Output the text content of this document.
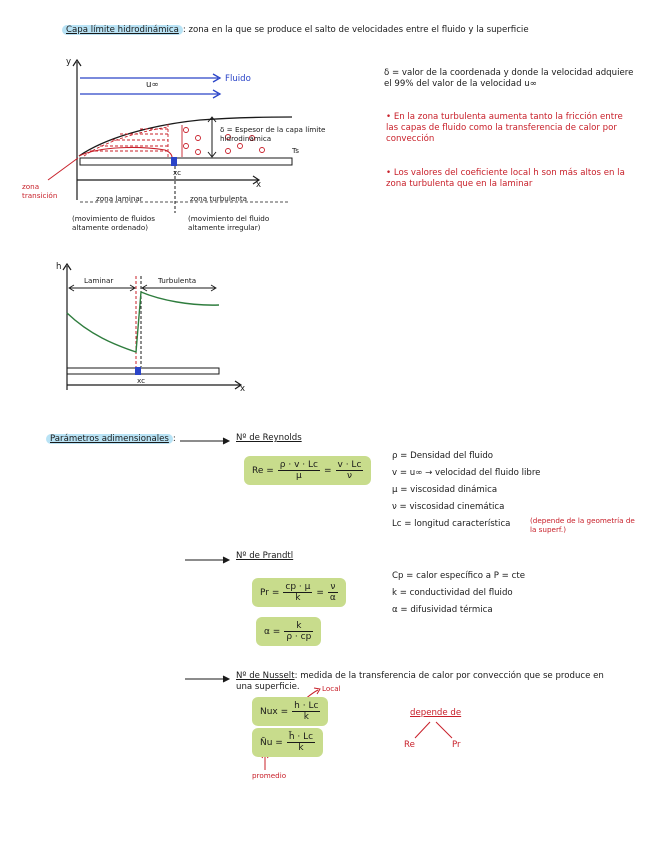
Capa límite hidrodinámica : zona en la que se produce el salto de velocidades entre el fluido y la superficie
y
x
u∞
Fluido
δ = Espesor de la capa límite hidrodinámica
Ts
xc
zona transición	zona laminar	zona turbulenta
(movimiento de fluidos altamente ordenado)
(movimiento del fluido altamente irregular)
δ = valor de la coordenada y donde la velocidad adquiere el 99% del valor de la velocidad u∞
• En la zona turbulenta aumenta tanto la fricción entre las capas de fluido como la transferencia de calor por convección
• Los valores del coeficiente local h son más altos en la zona turbulenta que en la laminar
h
x
Laminar	Turbulenta
xc
Parámetros adimensionales :	Nº de Reynolds
$Re = \frac{\rho \cdot v \cdot Lc}{\mu} = \frac{v \cdot Lc}{\nu}$
ρ = Densidad del fluido
v = u∞ → velocidad del fluido libre
μ = viscosidad dinámica
ν = viscosidad cinemática
Lc = longitud característica	(depende de la geometría de la superf.)
Nº de Prandtl
$Pr = \frac{cp \cdot \mu}{k} = \frac{\nu}{\alpha}$
$\alpha = \frac{k}{\rho \cdot cp}$
Cp = calor específico a P = cte
k = conductividad del fluido
α = difusividad térmica
Nº de Nusselt: medida de la transferencia de calor por convección que se produce en una superficie.
Nux = $\frac{h \cdot Lc}{k}$
N̄u = $\frac{h̄ \cdot Lc}{k}$
Local
promedio
depende de
Re	Pr
